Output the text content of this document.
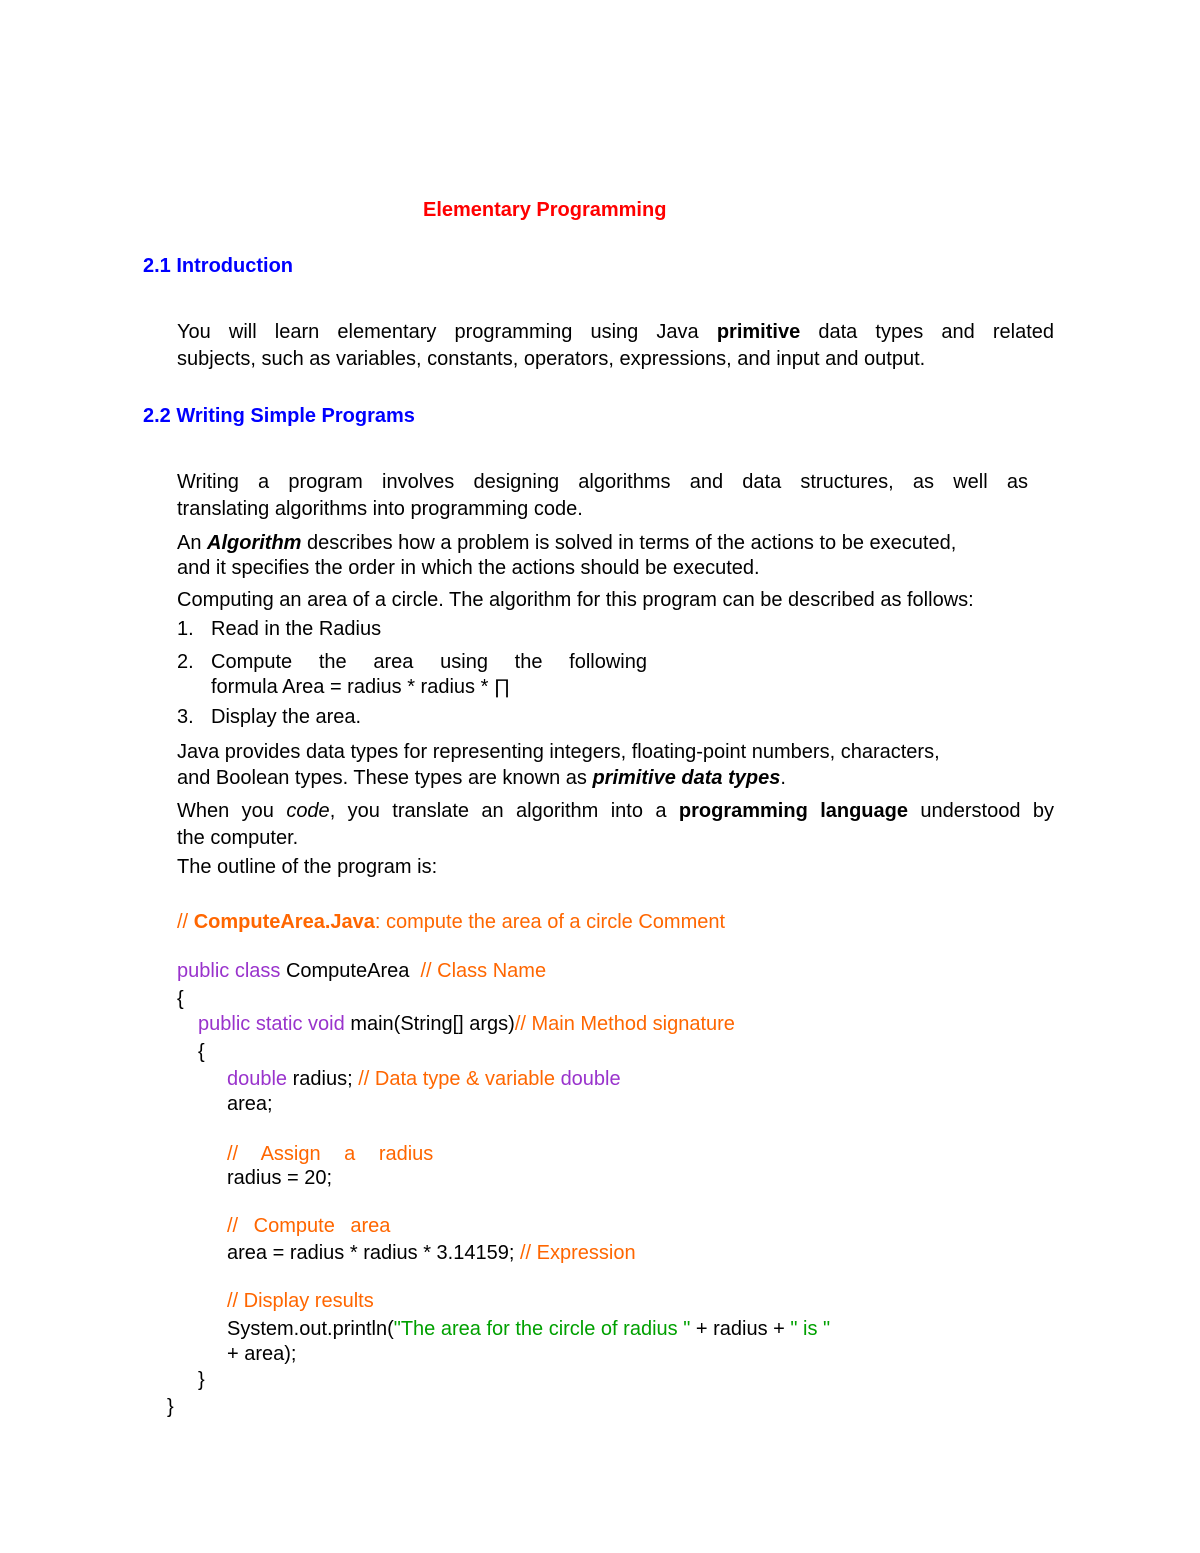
Elementary Programming
2.1 Introduction
You will learn elementary programming using Java primitive data types and related
subjects, such as variables, constants, operators, expressions, and input and output.
2.2 Writing Simple Programs
Writing a program involves designing algorithms and data structures, as well as
translating algorithms into programming code.
An Algorithm describes how a problem is solved in terms of the actions to be executed,
and it specifies the order in which the actions should be executed.
Computing an area of a circle. The algorithm for this program can be described as follows:
1. Read in the Radius
2. Compute the area using the following
formula Area = radius * radius * ∏
3. Display the area.
Java provides data types for representing integers, floating-point numbers, characters,
and Boolean types. These types are known as primitive data types.
When you code, you translate an algorithm into a programming language understood by
the computer.
The outline of the program is:
// ComputeArea.Java: compute the area of a circle Comment
public class ComputeArea // Class Name
{
public static void main(String[] args)// Main Method signature
{
double radius; // Data type & variable double
area;
// Assign a radius
radius = 20;
// Compute area
area = radius * radius * 3.14159; // Expression
// Display results
System.out.println("The area for the circle of radius " + radius + " is "
+ area);
}
}
